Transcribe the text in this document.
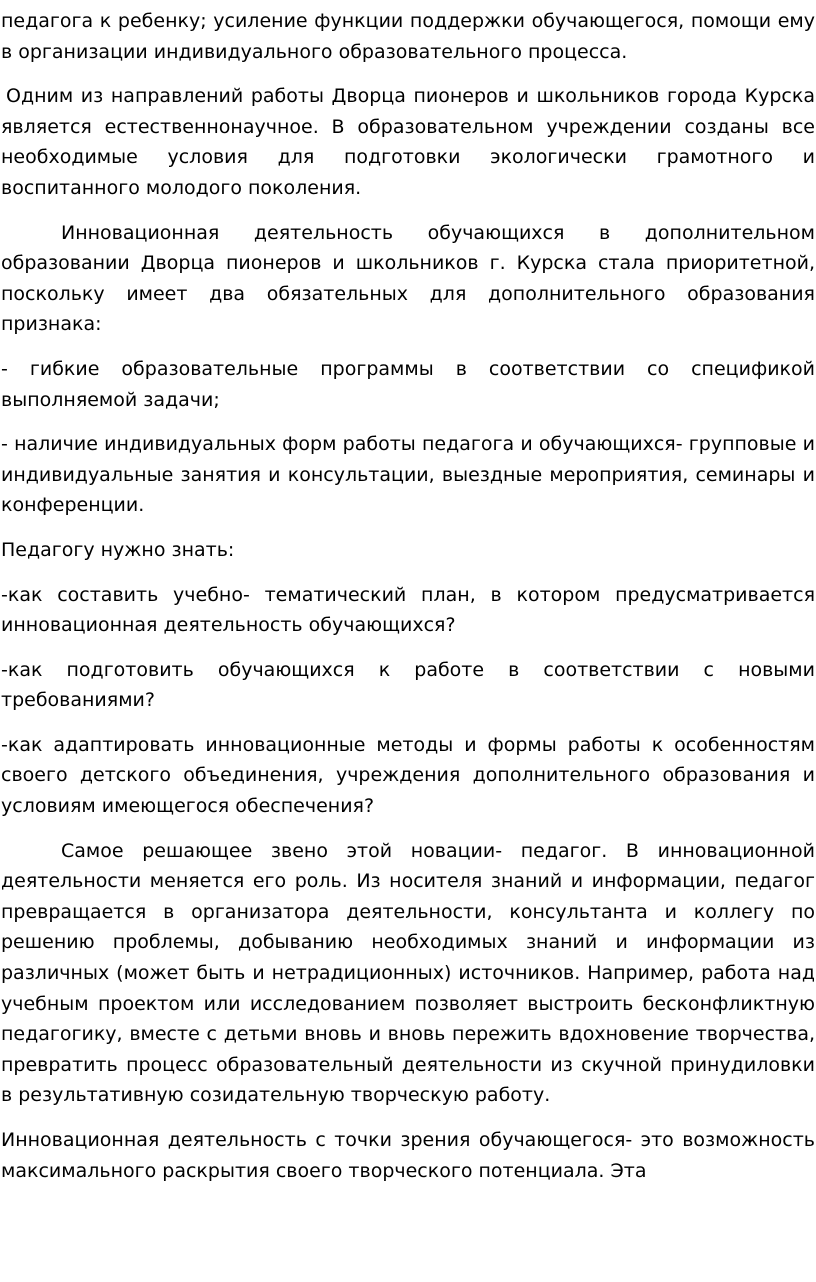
педагога к ребенку; усиление функции поддержки обучающегося, помощи ему в организации индивидуального образовательного процесса.

Одним из направлений работы Дворца пионеров и школьников города Курска является естественнонаучное. В образовательном учреждении созданы все необходимые условия для подготовки экологически грамотного и воспитанного молодого поколения.

Инновационная деятельность обучающихся в дополнительном образовании Дворца пионеров и школьников г. Курска стала приоритетной, поскольку имеет два обязательных для дополнительного образования признака:

- гибкие образовательные программы в соответствии со спецификой выполняемой задачи;

- наличие индивидуальных форм работы педагога и обучающихся- групповые и индивидуальные занятия и консультации, выездные мероприятия, семинары и конференции.

Педагогу нужно знать:

-как составить учебно- тематический план, в котором предусматривается инновационная деятельность обучающихся?

-как подготовить обучающихся к работе в соответствии с новыми требованиями?

-как адаптировать инновационные методы и формы работы к особенностям своего детского объединения, учреждения дополнительного образования и условиям имеющегося обеспечения?

Самое решающее звено этой новации- педагог. В инновационной деятельности меняется его роль. Из носителя знаний и информации, педагог превращается в организатора деятельности, консультанта и коллегу по решению проблемы, добыванию необходимых знаний и информации из различных (может быть и нетрадиционных) источников. Например, работа над учебным проектом или исследованием позволяет выстроить бесконфликтную педагогику, вместе с детьми вновь и вновь пережить вдохновение творчества, превратить процесс образовательный деятельности из скучной принудиловки в результативную созидательную творческую работу.

Инновационная деятельность с точки зрения обучающегося- это возможность максимального раскрытия своего творческого потенциала. Эта
